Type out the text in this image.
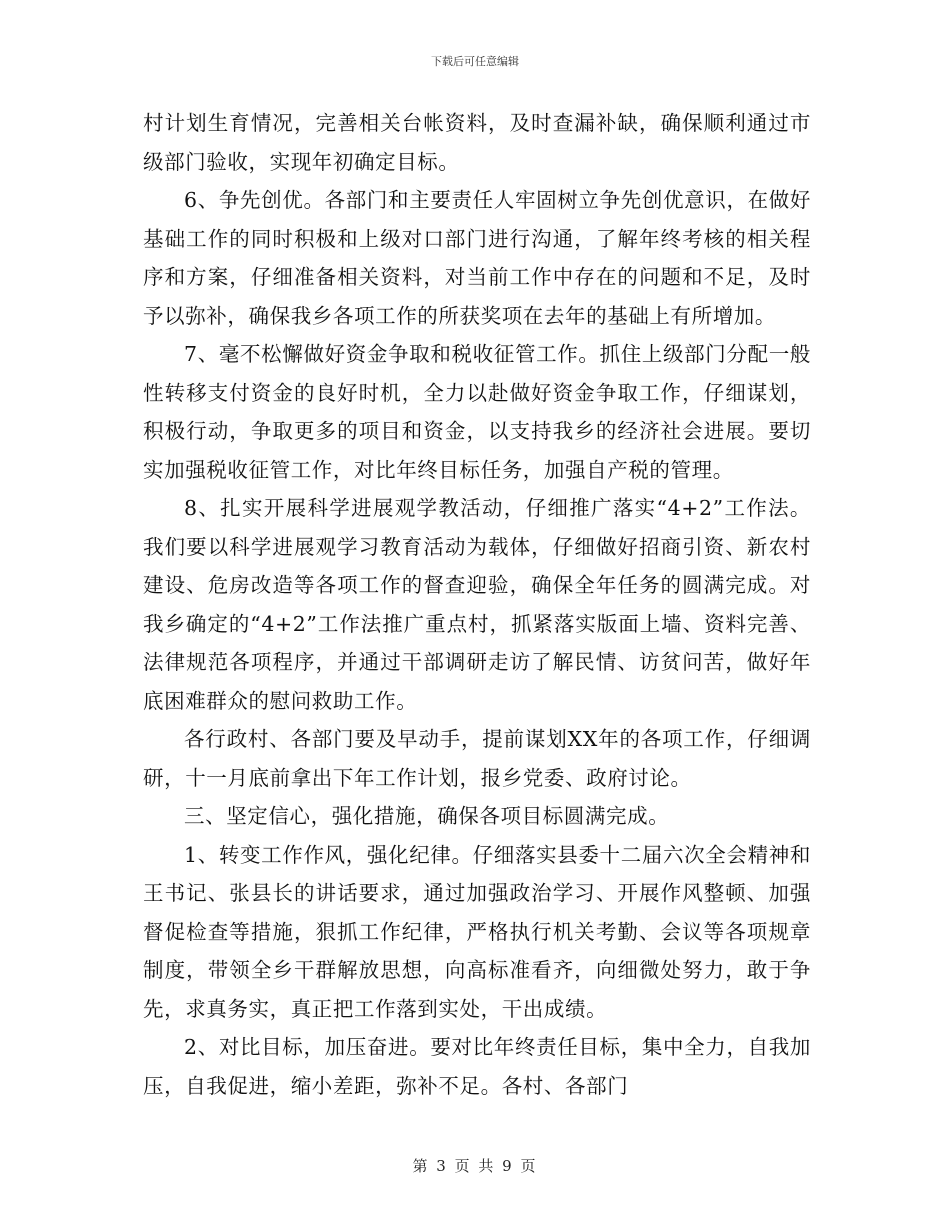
下载后可任意编辑

村计划生育情况，完善相关台帐资料，及时查漏补缺，确保顺利通过市级部门验收，实现年初确定目标。

6、争先创优。各部门和主要责任人牢固树立争先创优意识，在做好基础工作的同时积极和上级对口部门进行沟通，了解年终考核的相关程序和方案，仔细准备相关资料，对当前工作中存在的问题和不足，及时予以弥补，确保我乡各项工作的所获奖项在去年的基础上有所增加。

7、毫不松懈做好资金争取和税收征管工作。抓住上级部门分配一般性转移支付资金的良好时机，全力以赴做好资金争取工作，仔细谋划，积极行动，争取更多的项目和资金，以支持我乡的经济社会进展。要切实加强税收征管工作，对比年终目标任务，加强自产税的管理。

8、扎实开展科学进展观学教活动，仔细推广落实“4+2”工作法。我们要以科学进展观学习教育活动为载体，仔细做好招商引资、新农村建设、危房改造等各项工作的督查迎验，确保全年任务的圆满完成。对我乡确定的“4+2”工作法推广重点村，抓紧落实版面上墙、资料完善、法律规范各项程序，并通过干部调研走访了解民情、访贫问苦，做好年底困难群众的慰问救助工作。

各行政村、各部门要及早动手，提前谋划XX年的各项工作，仔细调研，十一月底前拿出下年工作计划，报乡党委、政府讨论。

三、坚定信心，强化措施，确保各项目标圆满完成。

1、转变工作作风，强化纪律。仔细落实县委十二届六次全会精神和王书记、张县长的讲话要求，通过加强政治学习、开展作风整顿、加强督促检查等措施，狠抓工作纪律，严格执行机关考勤、会议等各项规章制度，带领全乡干群解放思想，向高标准看齐，向细微处努力，敢于争先，求真务实，真正把工作落到实处，干出成绩。

2、对比目标，加压奋进。要对比年终责任目标，集中全力，自我加压，自我促进，缩小差距，弥补不足。各村、各部门

第 3 页 共 9 页
